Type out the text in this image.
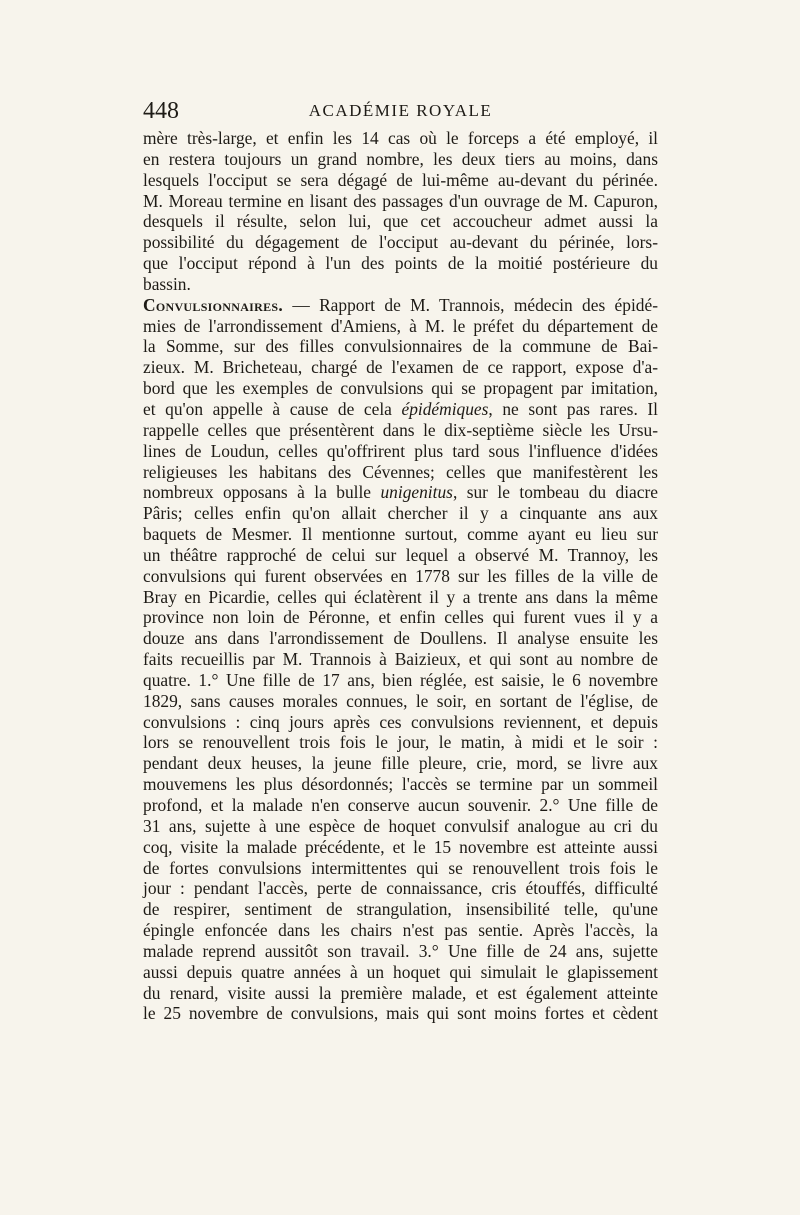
448	ACADÉMIE ROYALE
mère très-large, et enfin les 14 cas où le forceps a été employé, il
en restera toujours un grand nombre, les deux tiers au moins, dans
lesquels l'occiput se sera dégagé de lui-même au-devant du périnée.
M. Moreau termine en lisant des passages d'un ouvrage de M. Capuron,
desquels il résulte, selon lui, que cet accoucheur admet aussi la
possibilité du dégagement de l'occiput au-devant du périnée, lors-
que l'occiput répond à l'un des points de la moitié postérieure du
bassin.
Convulsionnaires. — Rapport de M. Trannois, médecin des épidé-
mies de l'arrondissement d'Amiens, à M. le préfet du département de
la Somme, sur des filles convulsionnaires de la commune de Bai-
zieux. M. Bricheteau, chargé de l'examen de ce rapport, expose d'a-
bord que les exemples de convulsions qui se propagent par imitation,
et qu'on appelle à cause de cela épidémiques, ne sont pas rares. Il
rappelle celles que présentèrent dans le dix-septième siècle les Ursu-
lines de Loudun, celles qu'offrirent plus tard sous l'influence d'idées
religieuses les habitans des Cévennes; celles que manifestèrent les
nombreux opposans à la bulle unigenitus, sur le tombeau du diacre
Pâris; celles enfin qu'on allait chercher il y a cinquante ans aux
baquets de Mesmer. Il mentionne surtout, comme ayant eu lieu sur
un théâtre rapproché de celui sur lequel a observé M. Trannoy, les
convulsions qui furent observées en 1778 sur les filles de la ville de
Bray en Picardie, celles qui éclatèrent il y a trente ans dans la même
province non loin de Péronne, et enfin celles qui furent vues il y a
douze ans dans l'arrondissement de Doullens. Il analyse ensuite les
faits recueillis par M. Trannois à Baizieux, et qui sont au nombre de
quatre. 1.° Une fille de 17 ans, bien réglée, est saisie, le 6 novembre
1829, sans causes morales connues, le soir, en sortant de l'église, de
convulsions : cinq jours après ces convulsions reviennent, et depuis
lors se renouvellent trois fois le jour, le matin, à midi et le soir :
pendant deux heuses, la jeune fille pleure, crie, mord, se livre aux
mouvemens les plus désordonnés; l'accès se termine par un sommeil
profond, et la malade n'en conserve aucun souvenir. 2.° Une fille de
31 ans, sujette à une espèce de hoquet convulsif analogue au cri du
coq, visite la malade précédente, et le 15 novembre est atteinte aussi
de fortes convulsions intermittentes qui se renouvellent trois fois le
jour : pendant l'accès, perte de connaissance, cris étouffés, difficulté
de respirer, sentiment de strangulation, insensibilité telle, qu'une
épingle enfoncée dans les chairs n'est pas sentie. Après l'accès, la
malade reprend aussitôt son travail. 3.° Une fille de 24 ans, sujette
aussi depuis quatre années à un hoquet qui simulait le glapissement
du renard, visite aussi la première malade, et est également atteinte
le 25 novembre de convulsions, mais qui sont moins fortes et cèdent
